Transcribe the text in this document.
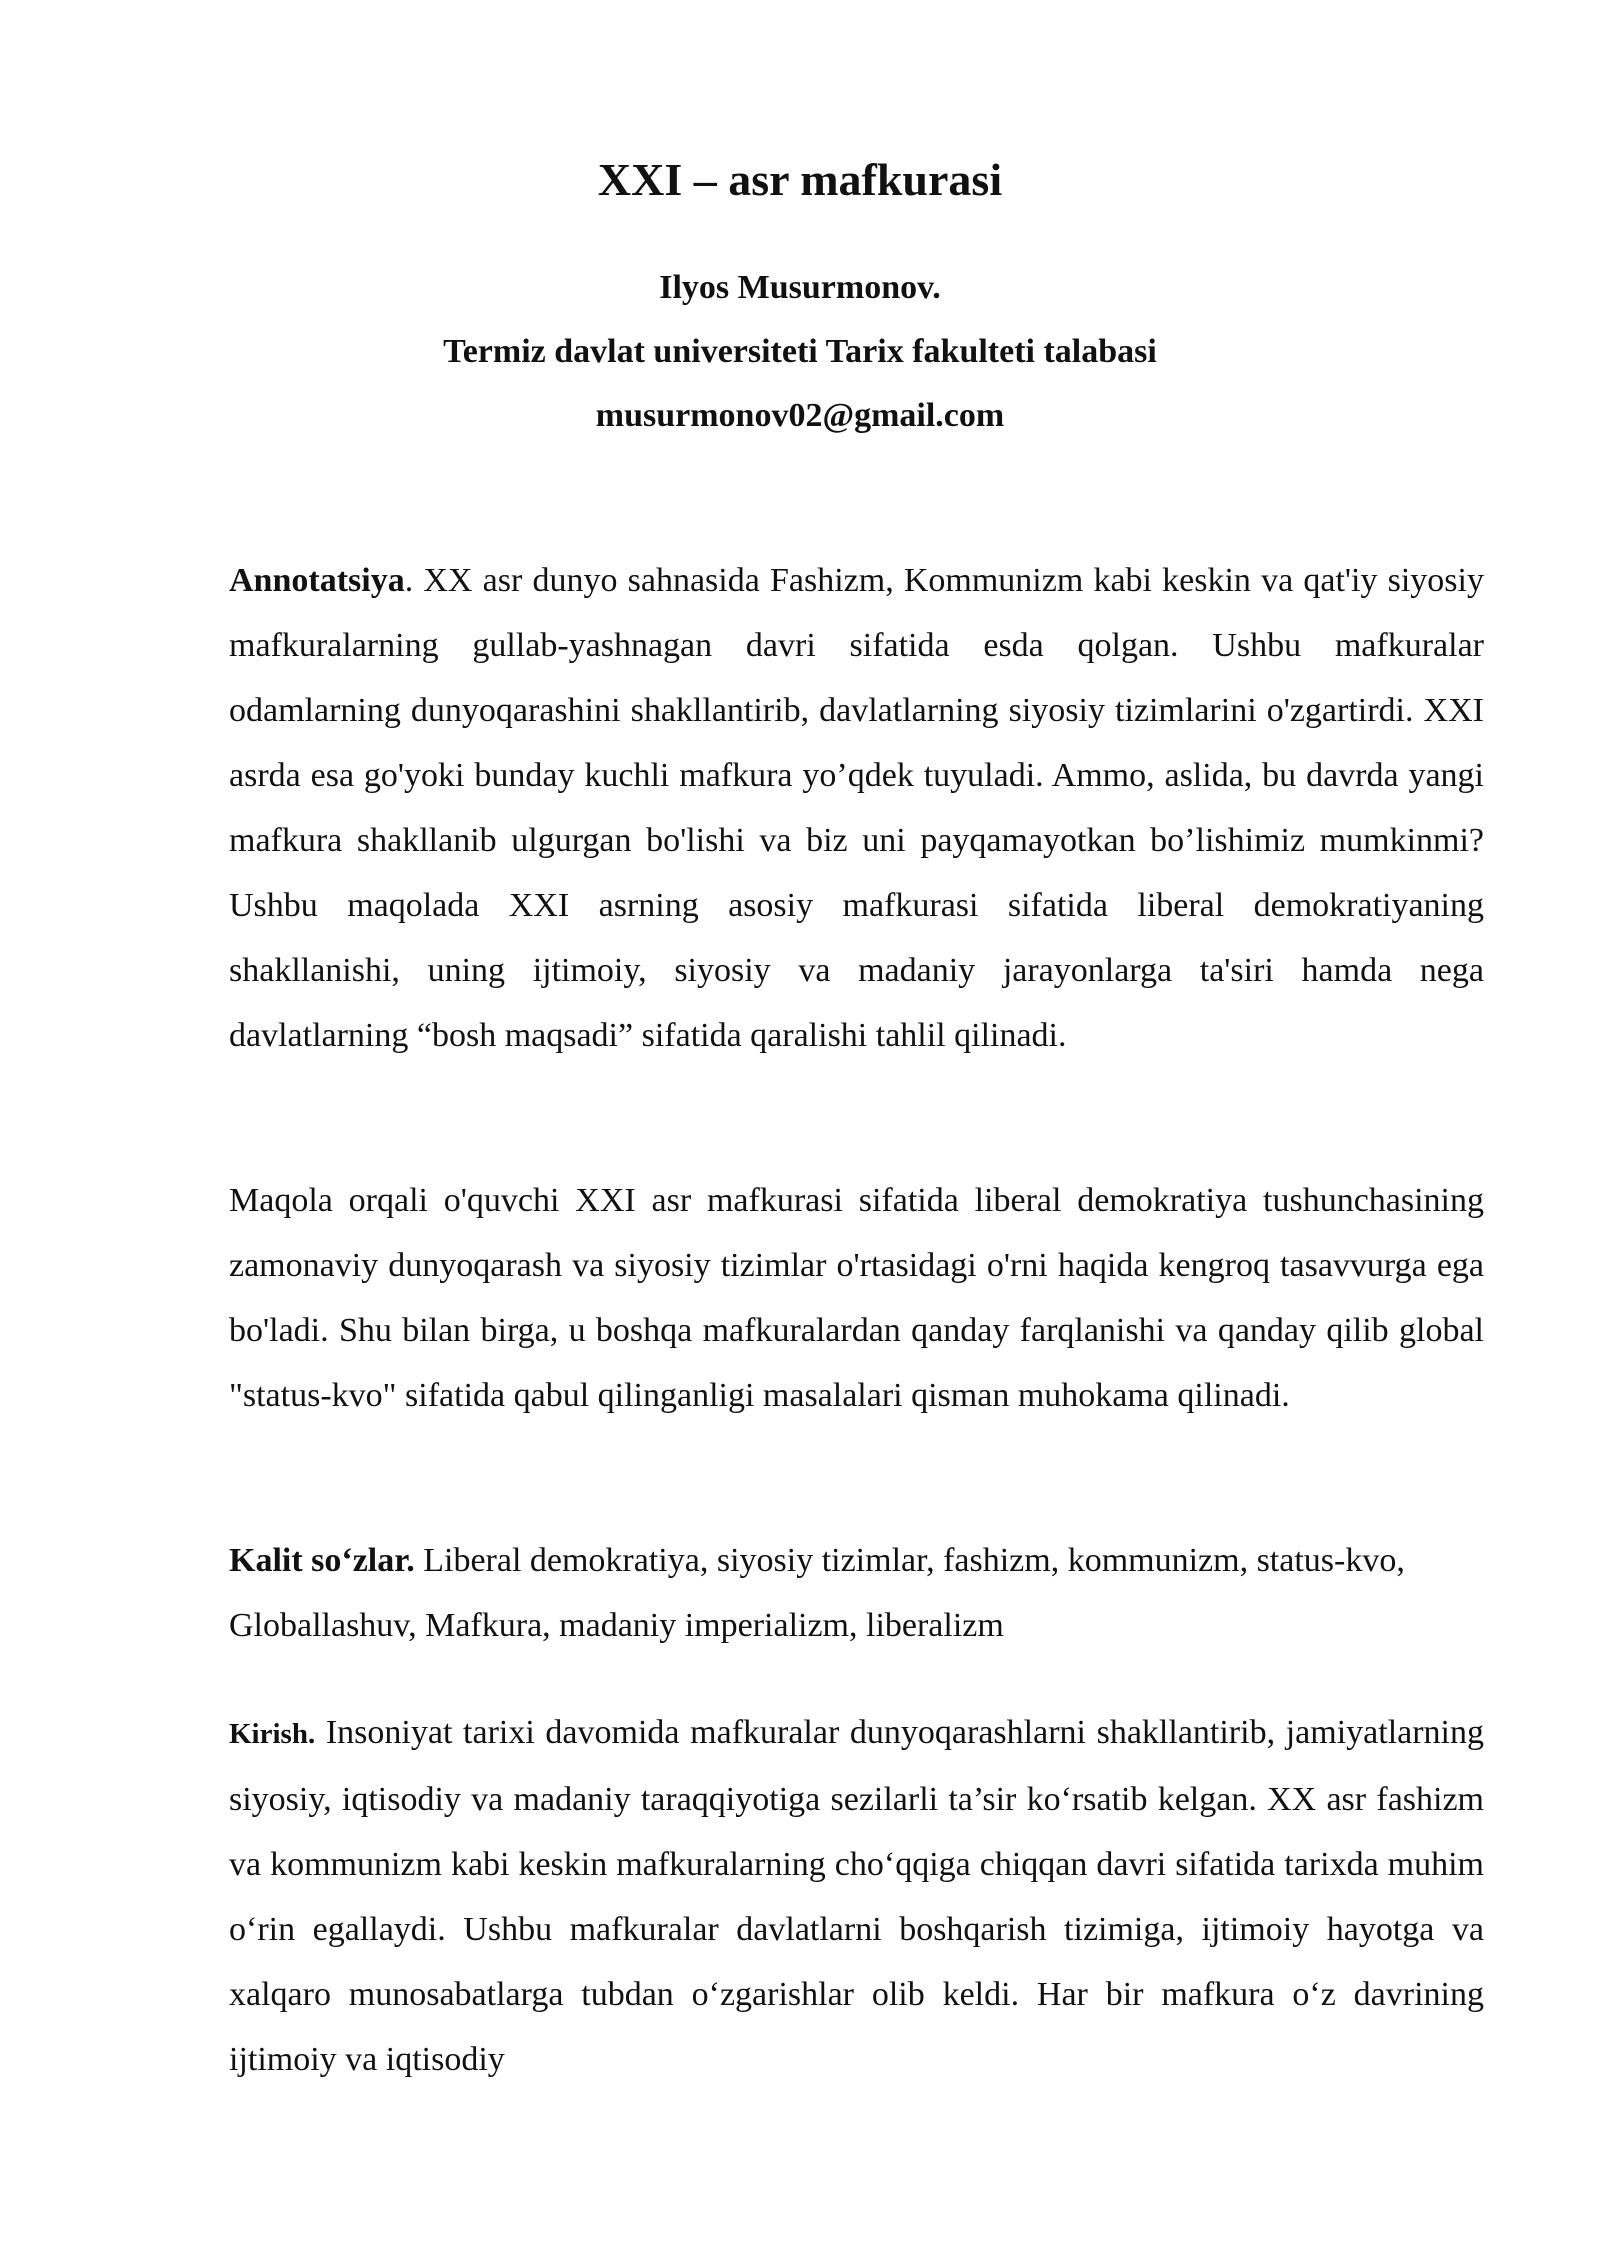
XXI – asr mafkurasi
Ilyos Musurmonov.
Termiz davlat universiteti Tarix fakulteti talabasi
musurmonov02@gmail.com
Annotatsiya. XX asr dunyo sahnasida Fashizm, Kommunizm kabi keskin va qat'iy siyosiy mafkuralarning gullab-yashnagan davri sifatida esda qolgan. Ushbu mafkuralar odamlarning dunyoqarashini shakllantirib, davlatlarning siyosiy tizimlarini o'zgartirdi. XXI asrda esa go'yoki bunday kuchli mafkura yo’qdek tuyuladi. Ammo, aslida, bu davrda yangi mafkura shakllanib ulgurgan bo'lishi va biz uni payqamayotkan bo’lishimiz mumkinmi? Ushbu maqolada XXI asrning asosiy mafkurasi sifatida liberal demokratiyaning shakllanishi, uning ijtimoiy, siyosiy va madaniy jarayonlarga ta'siri hamda nega davlatlarning “bosh maqsadi” sifatida qaralishi tahlil qilinadi.
Maqola orqali o'quvchi XXI asr mafkurasi sifatida liberal demokratiya tushunchasining zamonaviy dunyoqarash va siyosiy tizimlar o'rtasidagi o'rni haqida kengroq tasavvurga ega bo'ladi. Shu bilan birga, u boshqa mafkuralardan qanday farqlanishi va qanday qilib global "status-kvo" sifatida qabul qilinganligi masalalari qisman muhokama qilinadi.
Kalit so‘zlar. Liberal demokratiya, siyosiy tizimlar, fashizm, kommunizm, status-kvo, Globallashuv, Mafkura, madaniy imperializm, liberalizm
Kirish. Insoniyat tarixi davomida mafkuralar dunyoqarashlarni shakllantirib, jamiyatlarning siyosiy, iqtisodiy va madaniy taraqqiyotiga sezilarli ta’sir ko‘rsatib kelgan. XX asr fashizm va kommunizm kabi keskin mafkuralarning cho‘qqiga chiqqan davri sifatida tarixda muhim o‘rin egallaydi. Ushbu mafkuralar davlatlarni boshqarish tizimiga, ijtimoiy hayotga va xalqaro munosabatlarga tubdan o‘zgarishlar olib keldi. Har bir mafkura o‘z davrining ijtimoiy va iqtisodiy
